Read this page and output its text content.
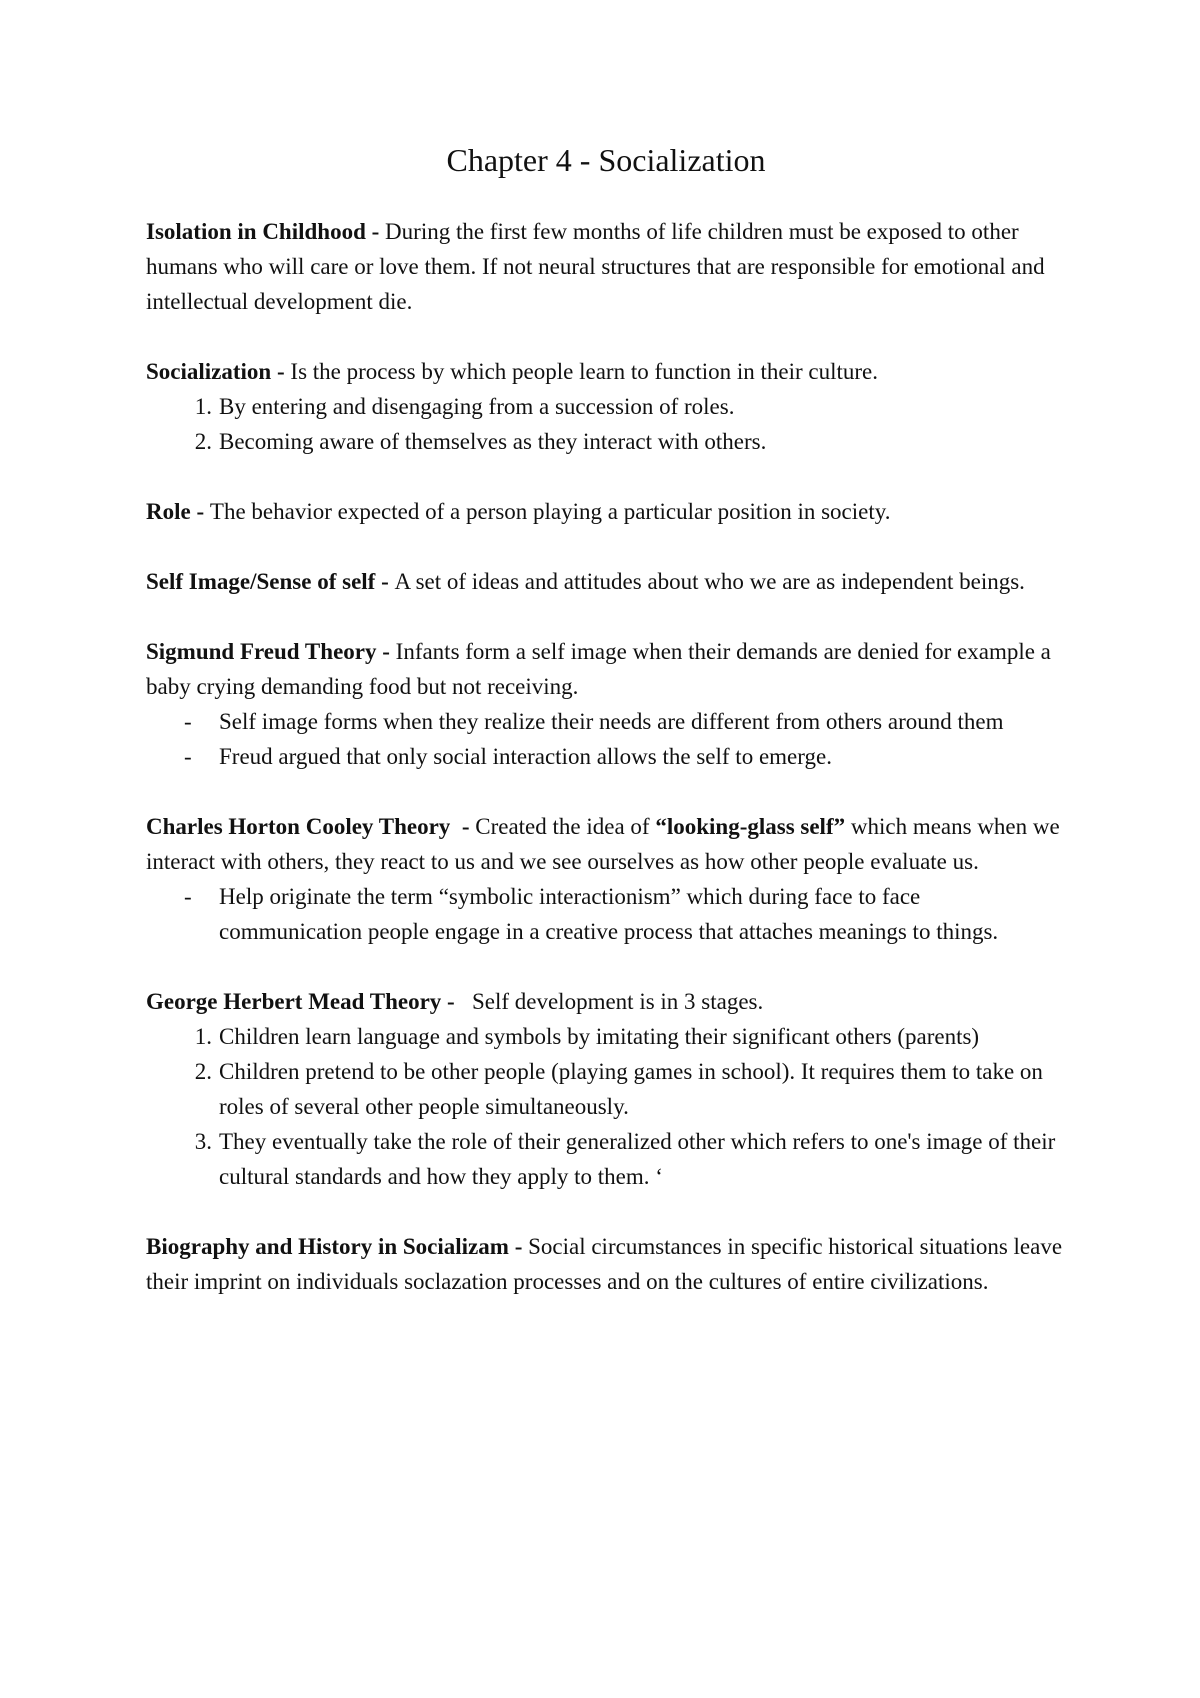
Chapter 4 - Socialization

Isolation in Childhood - During the first few months of life children must be exposed to other humans who will care or love them. If not neural structures that are responsible for emotional and intellectual development die.

Socialization - Is the process by which people learn to function in their culture.

1. By entering and disengaging from a succession of roles.
2. Becoming aware of themselves as they interact with others.

Role - The behavior expected of a person playing a particular position in society.

Self Image/Sense of self - A set of ideas and attitudes about who we are as independent beings.

Sigmund Freud Theory - Infants form a self image when their demands are denied for example a baby crying demanding food but not receiving.

-	Self image forms when they realize their needs are different from others around them
-	Freud argued that only social interaction allows the self to emerge.

Charles Horton Cooley Theory  - Created the idea of “looking-glass self” which means when we interact with others, they react to us and we see ourselves as how other people evaluate us.

-	Help originate the term “symbolic interactionism” which during face to face communication people engage in a creative process that attaches meanings to things.

George Herbert Mead Theory -   Self development is in 3 stages.

1. Children learn language and symbols by imitating their significant others (parents)
2. Children pretend to be other people (playing games in school). It requires them to take on roles of several other people simultaneously.
3. They eventually take the role of their generalized other which refers to one's image of their cultural standards and how they apply to them. ‘

Biography and History in Socializam - Social circumstances in specific historical situations leave their imprint on individuals soclazation processes and on the cultures of entire civilizations.
